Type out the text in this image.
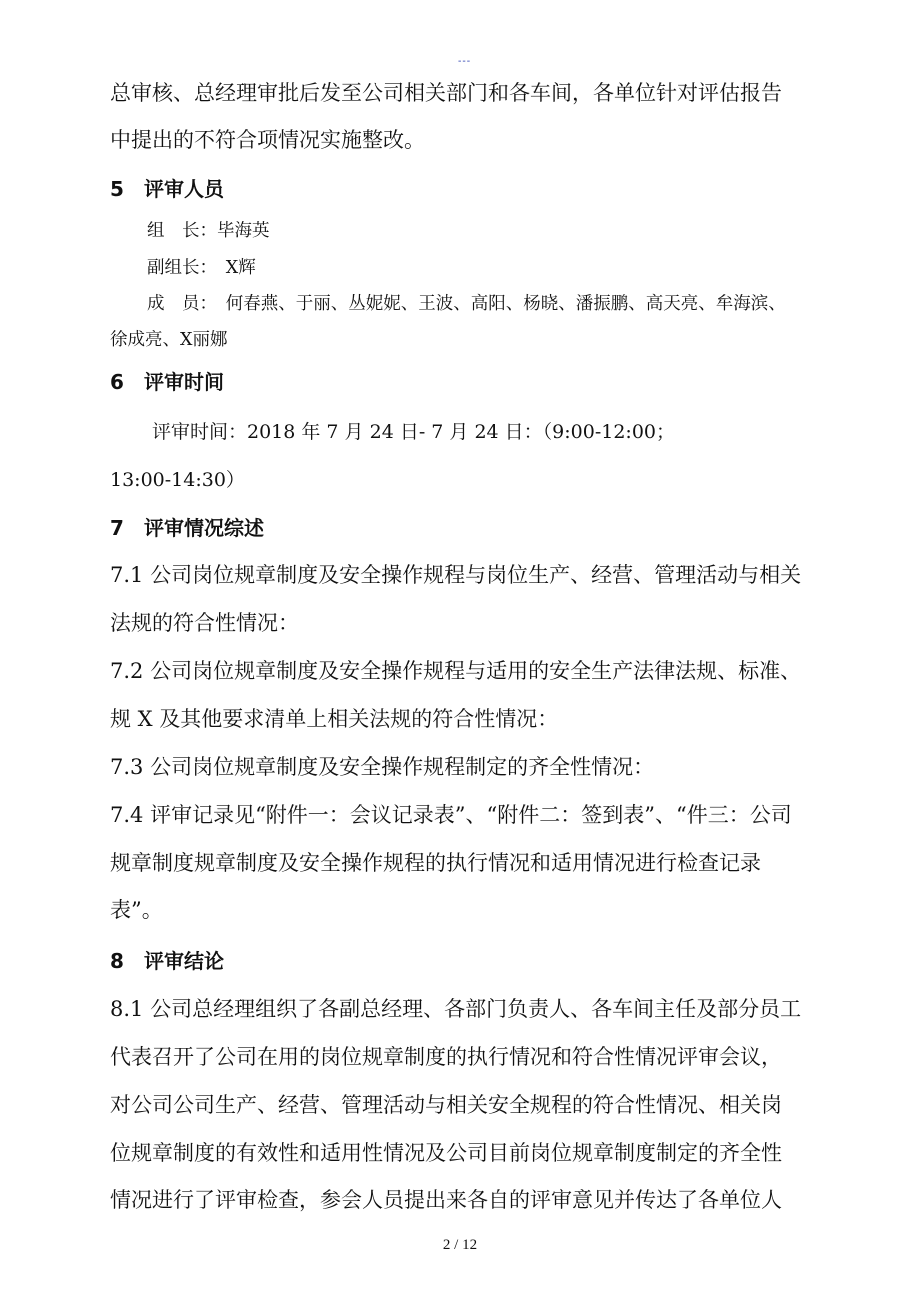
---
总审核、总经理审批后发至公司相关部门和各车间，各单位针对评估报告
中提出的不符合项情况实施整改。
5 评审人员
组　长：毕海英
副组长：　X辉
成　员：　何春燕、于丽、丛妮妮、王波、高阳、杨晓、潘振鹏、高天亮、牟海滨、
徐成亮、X丽娜
6 评审时间
评审时间：2018 年 7 月 24 日- 7 月 24 日：（9:00-12:00；
13:00-14:30）
7 评审情况综述
7.1 公司岗位规章制度及安全操作规程与岗位生产、经营、管理活动与相关
法规的符合性情况：
7.2 公司岗位规章制度及安全操作规程与适用的安全生产法律法规、标准、
规 X 及其他要求清单上相关法规的符合性情况：
7.3 公司岗位规章制度及安全操作规程制定的齐全性情况：
7.4 评审记录见“附件一：会议记录表”、“附件二：签到表”、“件三：公司
规章制度规章制度及安全操作规程的执行情况和适用情况进行检查记录
表”。
8 评审结论
8.1 公司总经理组织了各副总经理、各部门负责人、各车间主任及部分员工
代表召开了公司在用的岗位规章制度的执行情况和符合性情况评审会议，
对公司公司生产、经营、管理活动与相关安全规程的符合性情况、相关岗
位规章制度的有效性和适用性情况及公司目前岗位规章制度制定的齐全性
情况进行了评审检查，参会人员提出来各自的评审意见并传达了各单位人
2 / 12
